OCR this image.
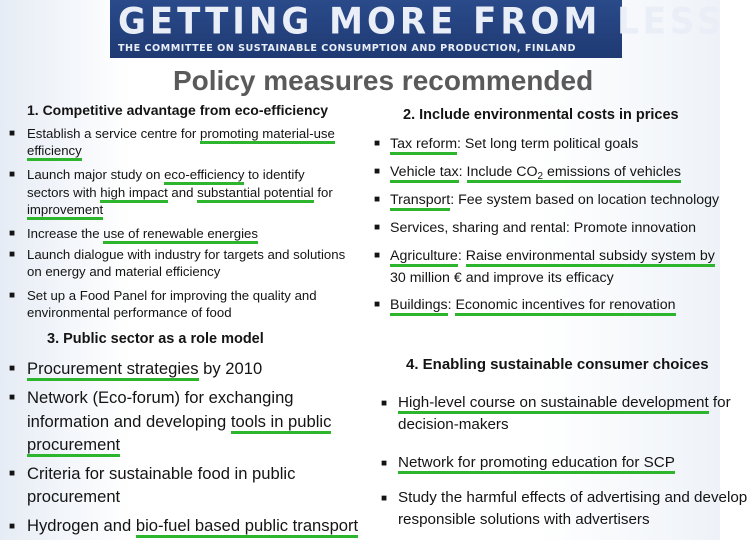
GETTING MORE FROM LESS
THE COMMITTEE ON SUSTAINABLE CONSUMPTION AND PRODUCTION, FINLAND
Policy measures recommended
1. Competitive advantage from eco-efficiency
■ Establish a service centre for promoting material-use
efficiency
■ Launch major study on eco-efficiency to identify
sectors with high impact and substantial potential for
improvement
■ Increase the use of renewable energies
■ Launch dialogue with industry for targets and solutions
on energy and material efficiency
■ Set up a Food Panel for improving the quality and
environmental performance of food
2. Include environmental costs in prices
■ Tax reform: Set long term political goals
■ Vehicle tax: Include $CO_2$ emissions of vehicles
■ Transport: Fee system based on location technology
■ Services, sharing and rental: Promote innovation
■ Agriculture: Raise environmental subsidy system by
30 million € and improve its efficacy
■ Buildings: Economic incentives for renovation
3. Public sector as a role model
■ Procurement strategies by 2010
■ Network (Eco-forum) for exchanging
information and developing tools in public
procurement
■ Criteria for sustainable food in public
procurement
■ Hydrogen and bio-fuel based public transport
4. Enabling sustainable consumer choices
■ High-level course on sustainable development for
decision-makers
■ Network for promoting education for SCP
■ Study the harmful effects of advertising and develop
responsible solutions with advertisers
